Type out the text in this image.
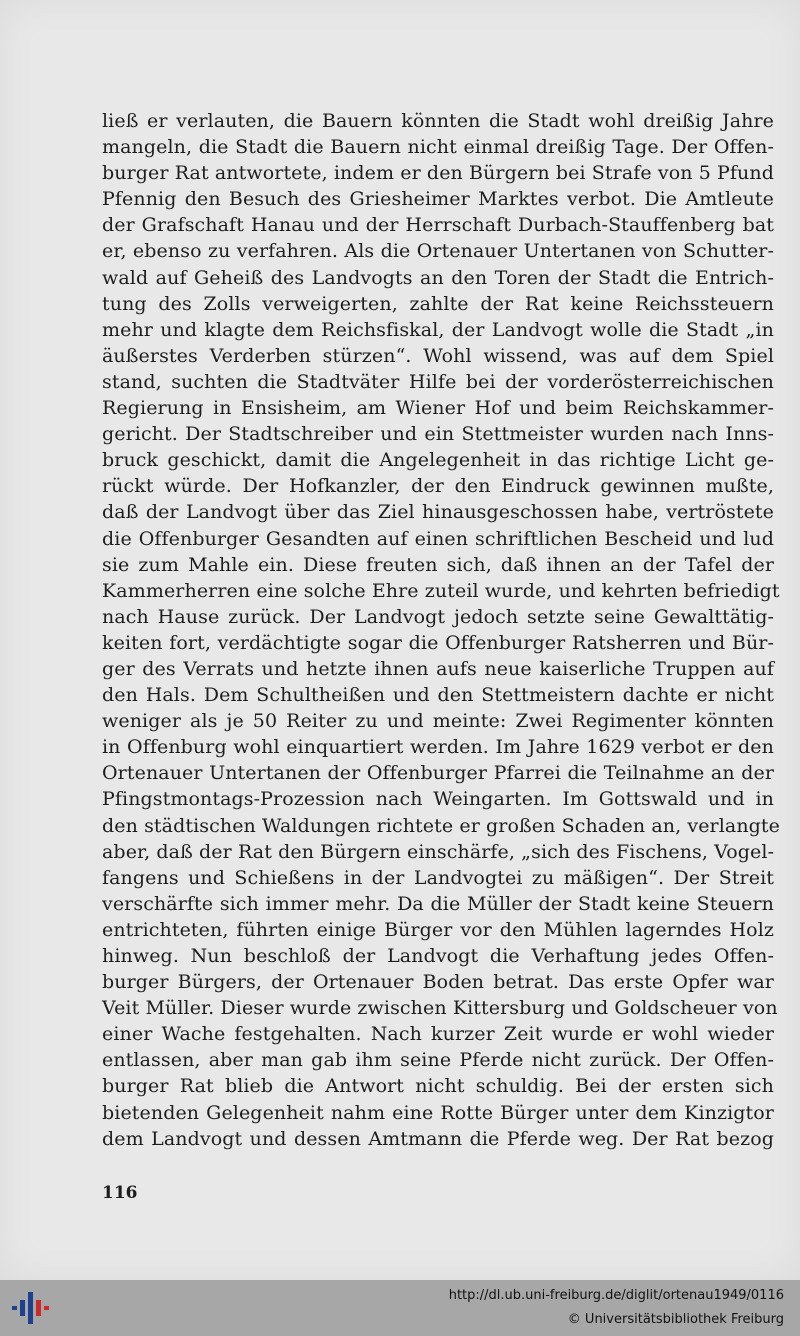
ließ er verlauten, die Bauern könnten die Stadt wohl dreißig Jahre
mangeln, die Stadt die Bauern nicht einmal dreißig Tage. Der Offen-
burger Rat antwortete, indem er den Bürgern bei Strafe von 5 Pfund
Pfennig den Besuch des Griesheimer Marktes verbot. Die Amtleute
der Grafschaft Hanau und der Herrschaft Durbach-Stauffenberg bat
er, ebenso zu verfahren. Als die Ortenauer Untertanen von Schutter-
wald auf Geheiß des Landvogts an den Toren der Stadt die Entrich-
tung des Zolls verweigerten, zahlte der Rat keine Reichssteuern
mehr und klagte dem Reichsfiskal, der Landvogt wolle die Stadt „in
äußerstes Verderben stürzen“. Wohl wissend, was auf dem Spiel
stand, suchten die Stadtväter Hilfe bei der vorderösterreichischen
Regierung in Ensisheim, am Wiener Hof und beim Reichskammer-
gericht. Der Stadtschreiber und ein Stettmeister wurden nach Inns-
bruck geschickt, damit die Angelegenheit in das richtige Licht ge-
rückt würde. Der Hofkanzler, der den Eindruck gewinnen mußte,
daß der Landvogt über das Ziel hinausgeschossen habe, vertröstete
die Offenburger Gesandten auf einen schriftlichen Bescheid und lud
sie zum Mahle ein. Diese freuten sich, daß ihnen an der Tafel der
Kammerherren eine solche Ehre zuteil wurde, und kehrten befriedigt
nach Hause zurück. Der Landvogt jedoch setzte seine Gewalttätig-
keiten fort, verdächtigte sogar die Offenburger Ratsherren und Bür-
ger des Verrats und hetzte ihnen aufs neue kaiserliche Truppen auf
den Hals. Dem Schultheißen und den Stettmeistern dachte er nicht
weniger als je 50 Reiter zu und meinte: Zwei Regimenter könnten
in Offenburg wohl einquartiert werden. Im Jahre 1629 verbot er den
Ortenauer Untertanen der Offenburger Pfarrei die Teilnahme an der
Pfingstmontags-Prozession nach Weingarten. Im Gottswald und in
den städtischen Waldungen richtete er großen Schaden an, verlangte
aber, daß der Rat den Bürgern einschärfe, „sich des Fischens, Vogel-
fangens und Schießens in der Landvogtei zu mäßigen“. Der Streit
verschärfte sich immer mehr. Da die Müller der Stadt keine Steuern
entrichteten, führten einige Bürger vor den Mühlen lagerndes Holz
hinweg. Nun beschloß der Landvogt die Verhaftung jedes Offen-
burger Bürgers, der Ortenauer Boden betrat. Das erste Opfer war
Veit Müller. Dieser wurde zwischen Kittersburg und Goldscheuer von
einer Wache festgehalten. Nach kurzer Zeit wurde er wohl wieder
entlassen, aber man gab ihm seine Pferde nicht zurück. Der Offen-
burger Rat blieb die Antwort nicht schuldig. Bei der ersten sich
bietenden Gelegenheit nahm eine Rotte Bürger unter dem Kinzigtor
dem Landvogt und dessen Amtmann die Pferde weg. Der Rat bezog
116
http://dl.ub.uni-freiburg.de/diglit/ortenau1949/0116
© Universitätsbibliothek Freiburg
